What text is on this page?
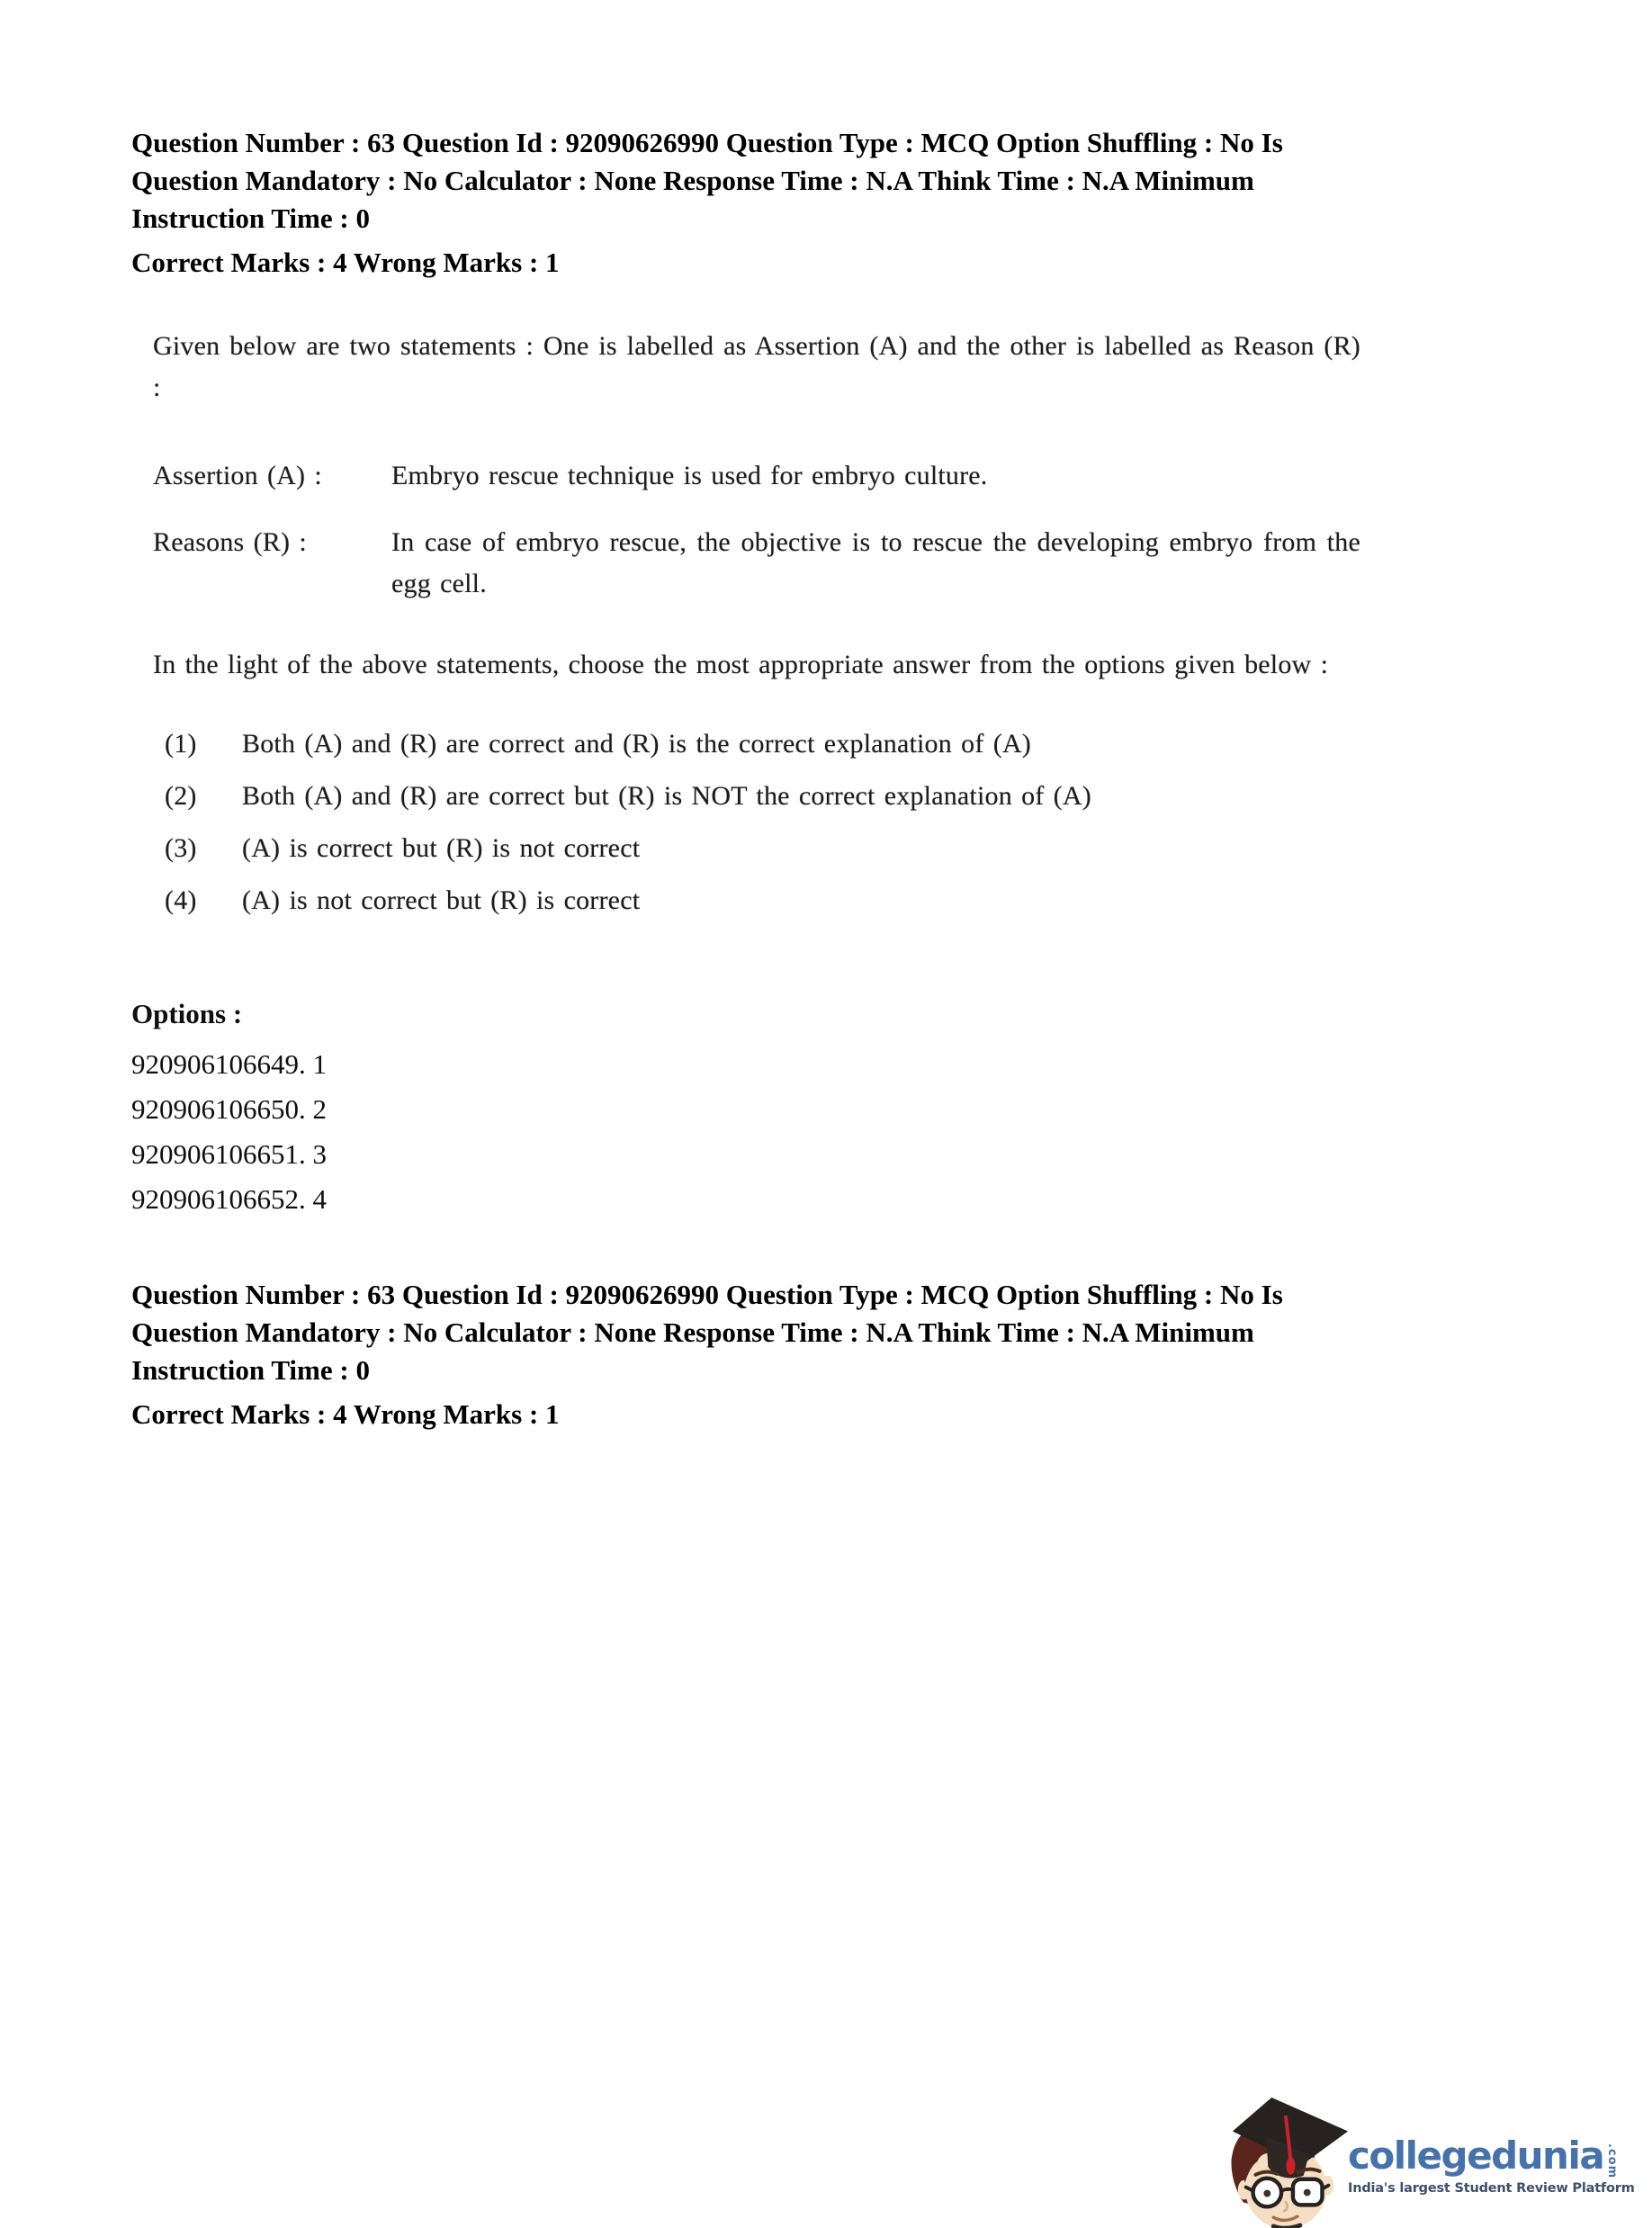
Question Number : 63 Question Id : 92090626990 Question Type : MCQ Option Shuffling : No Is
Question Mandatory : No Calculator : None Response Time : N.A Think Time : N.A Minimum
Instruction Time : 0
Correct Marks : 4 Wrong Marks : 1

Given below are two statements : One is labelled as Assertion (A) and the other is labelled as Reason (R) :

Assertion (A) :	Embryo rescue technique is used for embryo culture.
Reasons (R) :	In case of embryo rescue, the objective is to rescue the developing embryo from the egg cell.

In the light of the above statements, choose the most appropriate answer from the options given below :

(1)	Both (A) and (R) are correct and (R) is the correct explanation of (A)
(2)	Both (A) and (R) are correct but (R) is NOT the correct explanation of (A)
(3)	(A) is correct but (R) is not correct
(4)	(A) is not correct but (R) is correct
Options :
920906106649. 1
920906106650. 2
920906106651. 3
920906106652. 4
Question Number : 63 Question Id : 92090626990 Question Type : MCQ Option Shuffling : No Is
Question Mandatory : No Calculator : None Response Time : N.A Think Time : N.A Minimum
Instruction Time : 0
Correct Marks : 4 Wrong Marks : 1
collegedunia .com
India's largest Student Review Platform
